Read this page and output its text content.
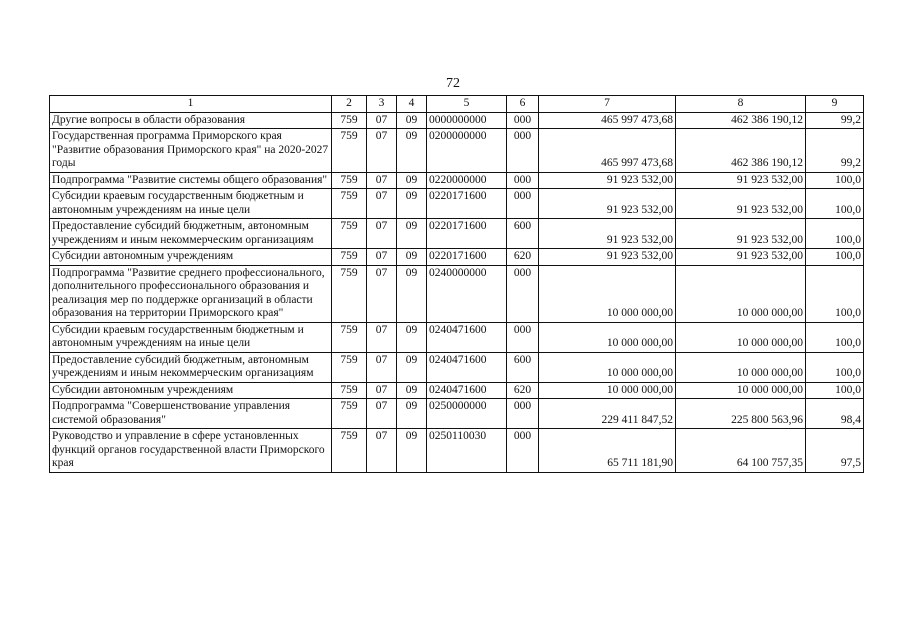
72
1	2	3	4	5	6	7	8	9
Другие вопросы в области образования	759	07	09	0000000000	000	465 997 473,68	462 386 190,12	99,2
Государственная программа Приморского края "Развитие образования Приморского края" на 2020-2027 годы	759	07	09	0200000000	000	465 997 473,68	462 386 190,12	99,2
Подпрограмма "Развитие системы общего образования"	759	07	09	0220000000	000	91 923 532,00	91 923 532,00	100,0
Субсидии краевым государственным бюджетным и автономным учреждениям на иные цели	759	07	09	0220171600	000	91 923 532,00	91 923 532,00	100,0
Предоставление субсидий бюджетным, автономным учреждениям и иным некоммерческим организациям	759	07	09	0220171600	600	91 923 532,00	91 923 532,00	100,0
Субсидии автономным учреждениям	759	07	09	0220171600	620	91 923 532,00	91 923 532,00	100,0
Подпрограмма "Развитие среднего профессионального, дополнительного профессионального образования и реализация мер по поддержке организаций в области образования на территории Приморского края"	759	07	09	0240000000	000	10 000 000,00	10 000 000,00	100,0
Субсидии краевым государственным бюджетным и автономным учреждениям на иные цели	759	07	09	0240471600	000	10 000 000,00	10 000 000,00	100,0
Предоставление субсидий бюджетным, автономным учреждениям и иным некоммерческим организациям	759	07	09	0240471600	600	10 000 000,00	10 000 000,00	100,0
Субсидии автономным учреждениям	759	07	09	0240471600	620	10 000 000,00	10 000 000,00	100,0
Подпрограмма "Совершенствование управления системой образования"	759	07	09	0250000000	000	229 411 847,52	225 800 563,96	98,4
Руководство и управление в сфере установленных функций органов государственной власти Приморского края	759	07	09	0250110030	000	65 711 181,90	64 100 757,35	97,5
